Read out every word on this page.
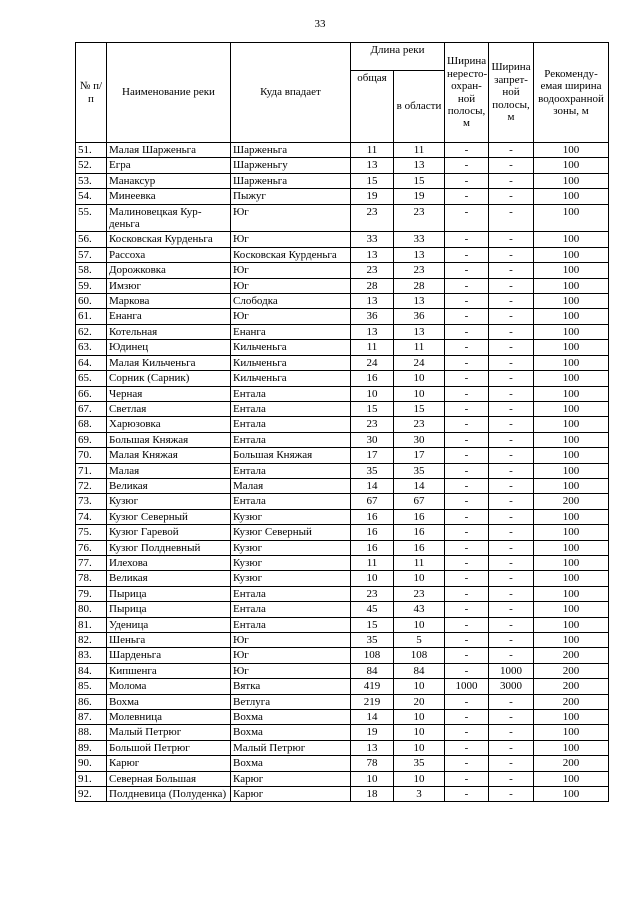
33
№ п/п	Наименование реки	Куда впадает	Длина реки		Ширина нерестоохранной полосы, м	Ширина запретной полосы, м	Рекомендуемая ширина водоохранной зоны, м
			общая	в области			
51.	Малая Шарженьга	Шарженьга	11	11	-	-	100
52.	Егра	Шарженьгу	13	13	-	-	100
53.	Манаксур	Шарженьга	15	15	-	-	100
54.	Минеевка	Пыжуг	19	19	-	-	100
55.	Малиновецкая Курденьга	Юг	23	23	-	-	100
56.	Косковская Курденьга	Юг	33	33	-	-	100
57.	Рассоха	Косковская Курденьга	13	13	-	-	100
58.	Дорожковка	Юг	23	23	-	-	100
59.	Имзюг	Юг	28	28	-	-	100
60.	Маркова	Слободка	13	13	-	-	100
61.	Енанга	Юг	36	36	-	-	100
62.	Котельная	Енанга	13	13	-	-	100
63.	Юдинец	Кильченьга	11	11	-	-	100
64.	Малая Кильченьга	Кильченьга	24	24	-	-	100
65.	Сорник (Сарник)	Кильченьга	16	10	-	-	100
66.	Черная	Ентала	10	10	-	-	100
67.	Светлая	Ентала	15	15	-	-	100
68.	Харюзовка	Ентала	23	23	-	-	100
69.	Большая Княжая	Ентала	30	30	-	-	100
70.	Малая Княжая	Большая Княжая	17	17	-	-	100
71.	Малая	Ентала	35	35	-	-	100
72.	Великая	Малая	14	14	-	-	100
73.	Кузюг	Ентала	67	67	-	-	200
74.	Кузюг Северный	Кузюг	16	16	-	-	100
75.	Кузюг Гаревой	Кузюг Северный	16	16	-	-	100
76.	Кузюг Полдневный	Кузюг	16	16	-	-	100
77.	Илехова	Кузюг	11	11	-	-	100
78.	Великая	Кузюг	10	10	-	-	100
79.	Пырица	Ентала	23	23	-	-	100
80.	Пырица	Ентала	45	43	-	-	100
81.	Уденица	Ентала	15	10	-	-	100
82.	Шеньга	Юг	35	5	-	-	100
83.	Шарденьга	Юг	108	108	-	-	200
84.	Кипшенга	Юг	84	84	-	1000	200
85.	Молома	Вятка	419	10	1000	3000	200
86.	Вохма	Ветлуга	219	20	-	-	200
87.	Молевница	Вохма	14	10	-	-	100
88.	Малый Петрюг	Вохма	19	10	-	-	100
89.	Большой Петрюг	Малый Петрюг	13	10	-	-	100
90.	Карюг	Вохма	78	35	-	-	200
91.	Северная Большая	Карюг	10	10	-	-	100
92.	Полдневица (Полуденка)	Карюг	18	3	-	-	100
